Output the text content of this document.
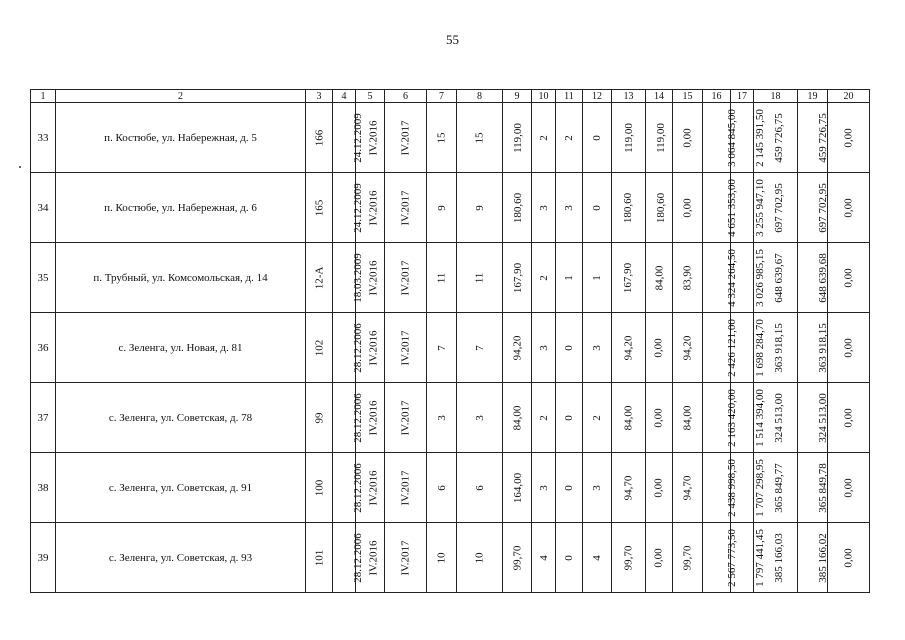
55
1	2	3	4	5	6	7	8	9	10	11	12	13	14	15	16	17	18	19	20
33	п. Костюбе, ул. Набережная, д. 5	166	24.12.2009	IV.2016	IV.2017	15	15	119,00	2	2	0	119,00	119,00	0,00	3 064 845,00	2 145 391,50	459 726,75	459 726,75	0,00
34	п. Костюбе, ул. Набережная, д. 6	165	24.12.2009	IV.2016	IV.2017	9	9	180,60	3	3	0	180,60	180,60	0,00	4 651 353,00	3 255 947,10	697 702,95	697 702,95	0,00
35	п. Трубный, ул. Комсомольская, д. 14	12-А	18.03.2009	IV.2016	IV.2017	11	11	167,90	2	1	1	167,90	84,00	83,90	4 324 264,50	3 026 985,15	648 639,67	648 639,68	0,00
36	с. Зеленга, ул. Новая, д. 81	102	28.12.2006	IV.2016	IV.2017	7	7	94,20	3	0	3	94,20	0,00	94,20	2 426 121,00	1 698 284,70	363 918,15	363 918,15	0,00
37	с. Зеленга, ул. Советская, д. 78	99	28.12.2006	IV.2016	IV.2017	3	3	84,00	2	0	2	84,00	0,00	84,00	2 163 420,00	1 514 394,00	324 513,00	324 513,00	0,00
38	с. Зеленга, ул. Советская, д. 91	100	28.12.2006	IV.2016	IV.2017	6	6	164,00	3	0	3	94,70	0,00	94,70	2 438 998,50	1 707 298,95	365 849,77	365 849,78	0,00
39	с. Зеленга, ул. Советская, д. 93	101	28.12.2006	IV.2016	IV.2017	10	10	99,70	4	0	4	99,70	0,00	99,70	2 567 773,50	1 797 441,45	385 166,03	385 166,02	0,00
